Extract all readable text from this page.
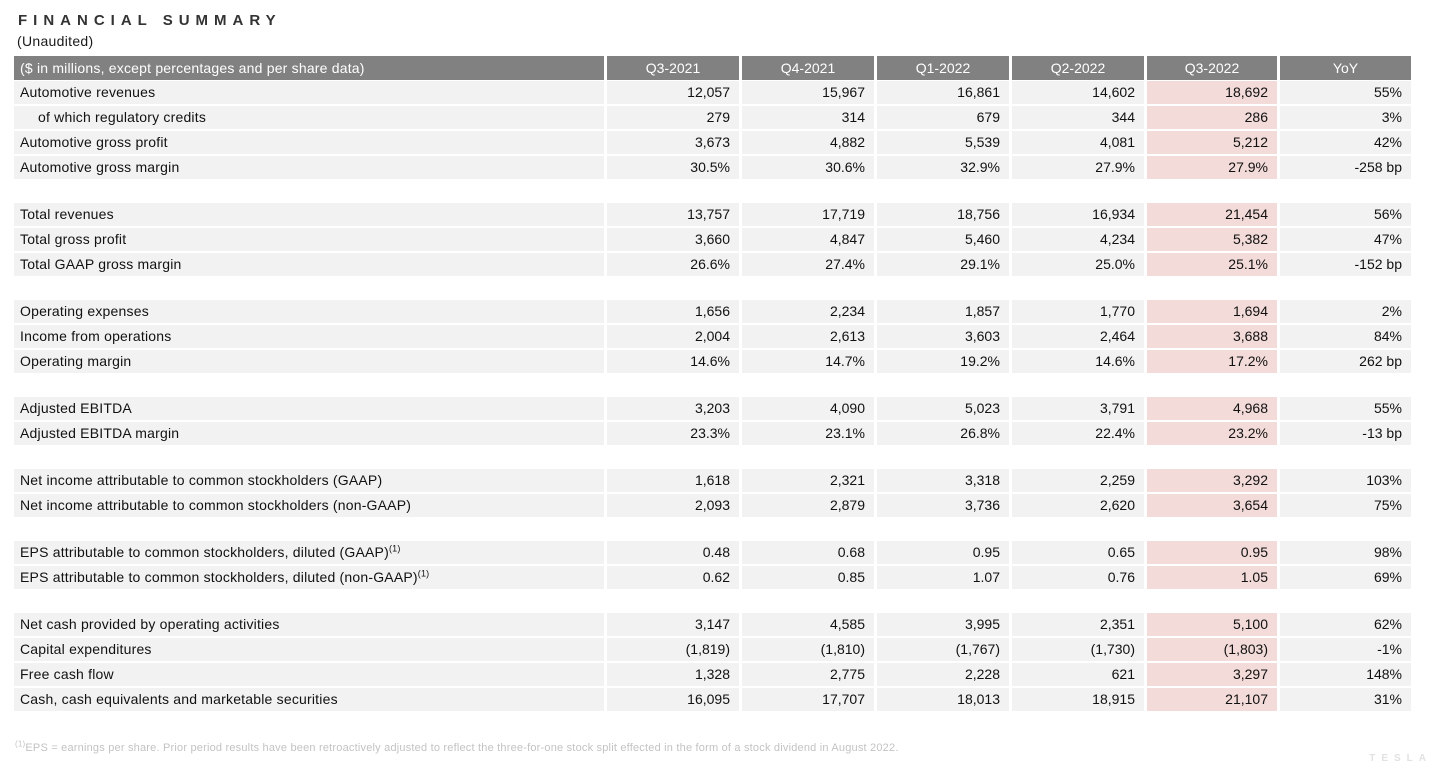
FINANCIAL SUMMARY
(Unaudited)
($ in millions, except percentages and per share data)	Q3-2021	Q4-2021	Q1-2022	Q2-2022	Q3-2022	YoY
Automotive revenues	12,057	15,967	16,861	14,602	18,692	55%
of which regulatory credits	279	314	679	344	286	3%
Automotive gross profit	3,673	4,882	5,539	4,081	5,212	42%
Automotive gross margin	30.5%	30.6%	32.9%	27.9%	27.9%	-258 bp
Total revenues	13,757	17,719	18,756	16,934	21,454	56%
Total gross profit	3,660	4,847	5,460	4,234	5,382	47%
Total GAAP gross margin	26.6%	27.4%	29.1%	25.0%	25.1%	-152 bp
Operating expenses	1,656	2,234	1,857	1,770	1,694	2%
Income from operations	2,004	2,613	3,603	2,464	3,688	84%
Operating margin	14.6%	14.7%	19.2%	14.6%	17.2%	262 bp
Adjusted EBITDA	3,203	4,090	5,023	3,791	4,968	55%
Adjusted EBITDA margin	23.3%	23.1%	26.8%	22.4%	23.2%	-13 bp
Net income attributable to common stockholders (GAAP)	1,618	2,321	3,318	2,259	3,292	103%
Net income attributable to common stockholders (non-GAAP)	2,093	2,879	3,736	2,620	3,654	75%
EPS attributable to common stockholders, diluted (GAAP)$^{(1)}$	0.48	0.68	0.95	0.65	0.95	98%
EPS attributable to common stockholders, diluted (non-GAAP)$^{(1)}$	0.62	0.85	1.07	0.76	1.05	69%
Net cash provided by operating activities	3,147	4,585	3,995	2,351	5,100	62%
Capital expenditures	(1,819)	(1,810)	(1,767)	(1,730)	(1,803)	-1%
Free cash flow	1,328	2,775	2,228	621	3,297	148%
Cash, cash equivalents and marketable securities	16,095	17,707	18,013	18,915	21,107	31%
$^{(1)}$EPS = earnings per share. Prior period results have been retroactively adjusted to reflect the three-for-one stock split effected in the form of a stock dividend in August 2022.
TESLA
